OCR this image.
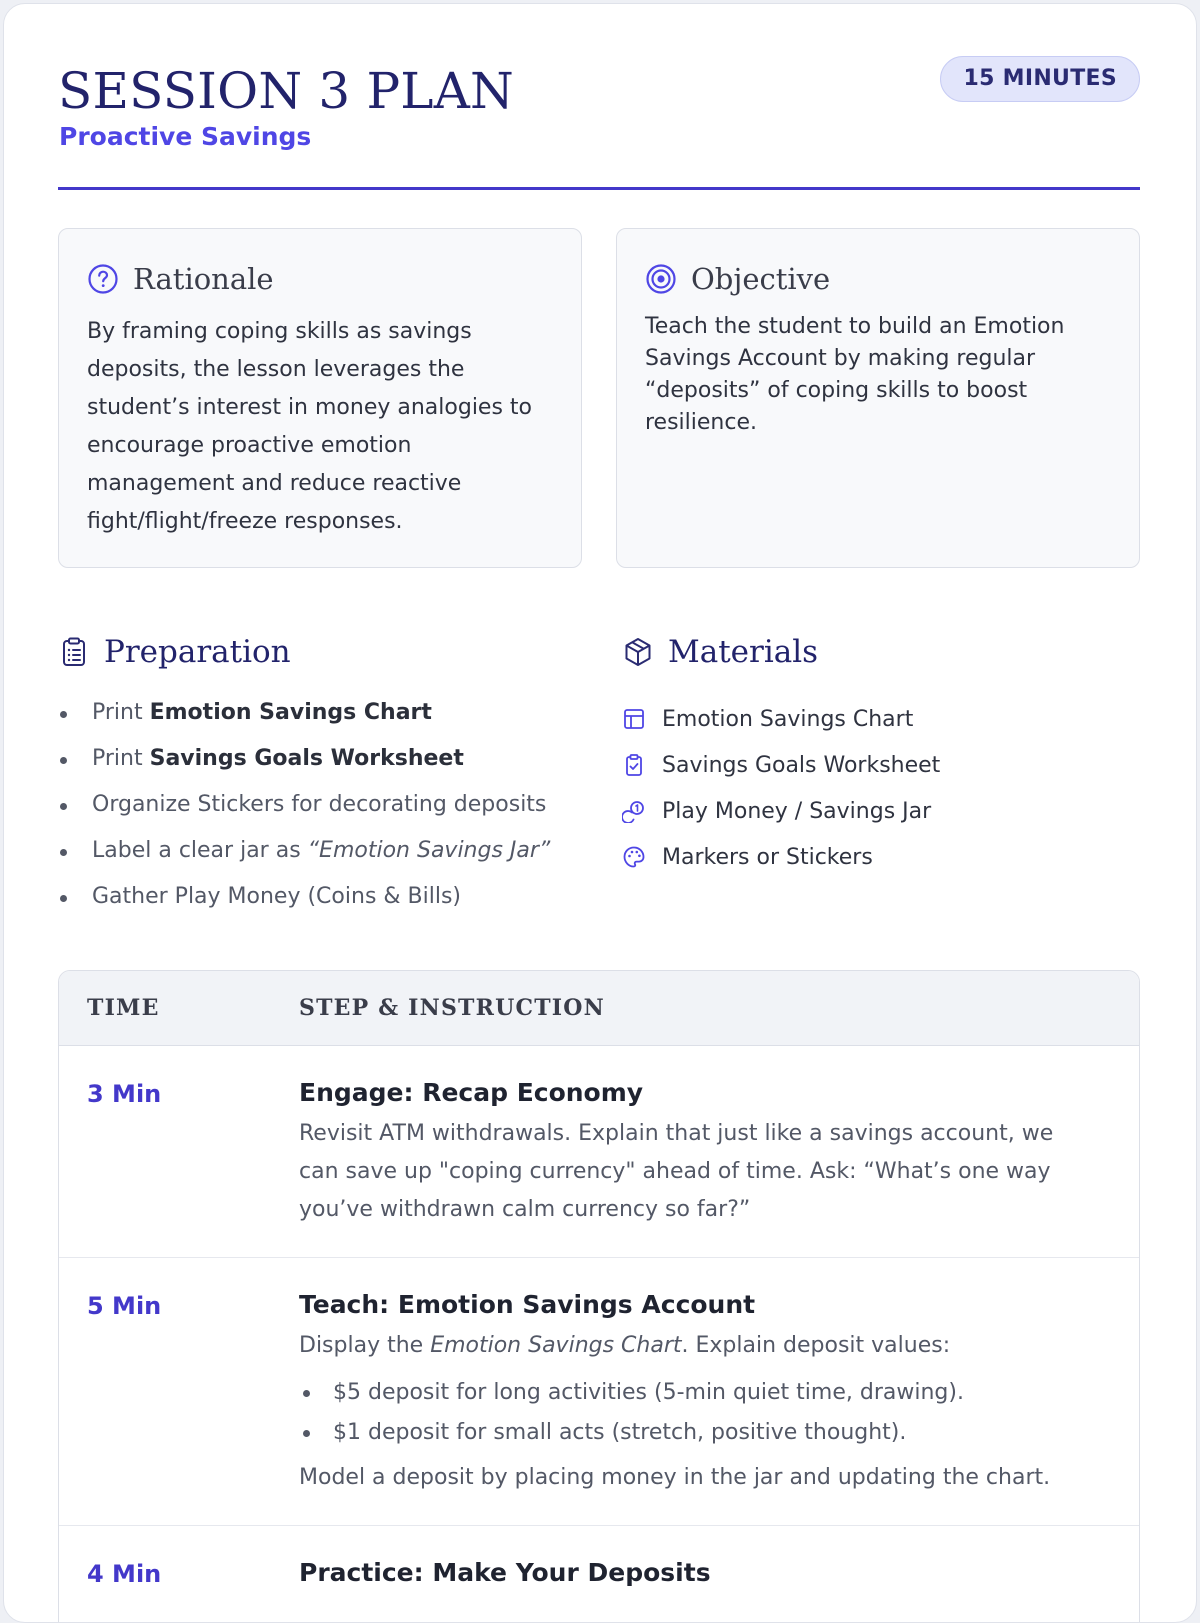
SESSION 3 PLAN
Proactive Savings
15 MINUTES
Rationale
By framing coping skills as savings deposits, the lesson leverages the student’s interest in money analogies to encourage proactive emotion management and reduce reactive fight/flight/freeze responses.
Objective
Teach the student to build an Emotion Savings Account by making regular “deposits” of coping skills to boost resilience.
Preparation
Print Emotion Savings Chart
Print Savings Goals Worksheet
Organize Stickers for decorating deposits
Label a clear jar as “Emotion Savings Jar”
Gather Play Money (Coins & Bills)
Materials
Emotion Savings Chart
Savings Goals Worksheet
Play Money / Savings Jar
Markers or Stickers
TIME	STEP & INSTRUCTION
3 Min	Engage: Recap Economy
Revisit ATM withdrawals. Explain that just like a savings account, we can save up "coping currency" ahead of time. Ask: “What’s one way you’ve withdrawn calm currency so far?”
5 Min	Teach: Emotion Savings Account
Display the Emotion Savings Chart. Explain deposit values:
$5 deposit for long activities (5-min quiet time, drawing).
$1 deposit for small acts (stretch, positive thought).
Model a deposit by placing money in the jar and updating the chart.
4 Min	Practice: Make Your Deposits
